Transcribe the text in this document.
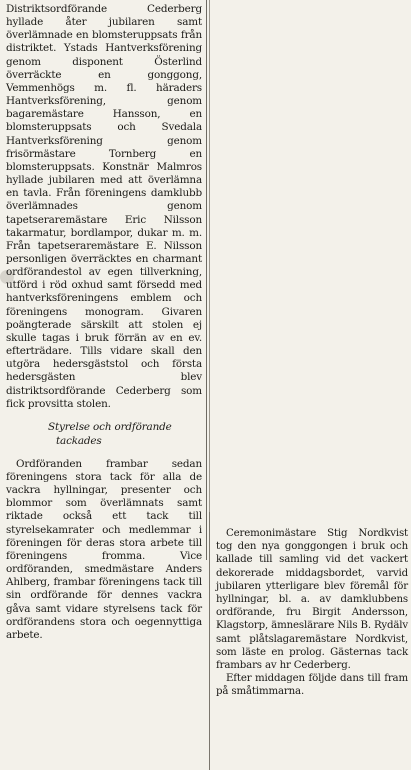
Distriktsordförande Cederberg hyllade åter jubilaren samt överlämnade en blomsteruppsats från distriktet. Ystads Hantverksförening genom disponent Österlind överräckte en gonggong, Vemmenhögs m. fl. häraders Hantverksförening, genom bagaremästare Hansson, en blomsteruppsats och Svedala Hantverksförening genom frisörmästare Tornberg en blomsteruppsats. Konstnär Malmros hyllade jubilaren med att överlämna en tavla. Från föreningens damklubb överlämnades genom tapetseraremästare Eric Nilsson takarmatur, bordlampor, dukar m. m. Från tapetseraremästare E. Nilsson personligen överräcktes en charmant ordförandestol av egen tillverkning, utförd i röd oxhud samt försedd med hantverksföreningens emblem och föreningens monogram. Givaren poängterade särskilt att stolen ej skulle tagas i bruk förrän av en ev. efterträdare. Tills vidare skall den utgöra hedersgäststol och första hedersgästen blev distriktsordförande Cederberg som fick provsitta stolen.

Styrelse och ordförande
tackades

Ordföranden frambar sedan föreningens stora tack för alla de vackra hyllningar, presenter och blommor som överlämnats samt riktade också ett tack till styrelsekamrater och medlemmar i föreningen för deras stora arbete till föreningens fromma. Vice ordföranden, smedmästare Anders Ahlberg, frambar föreningens tack till sin ordförande för dennes vackra gåva samt vidare styrelsens tack för ordförandens stora och oegennyttiga arbete.

Ceremonimästare Stig Nordkvist tog den nya gonggongen i bruk och kallade till samling vid det vackert dekorerade middagsbordet, varvid jubilaren ytterligare blev föremål för hyllningar, bl. a. av damklubbens ordförande, fru Birgit Andersson, Klagstorp, ämneslärare Nils B. Rydälv samt plåtslagaremästare Nordkvist, som läste en prolog. Gästernas tack frambars av hr Cederberg.

Efter middagen följde dans till fram på småtimmarna.
